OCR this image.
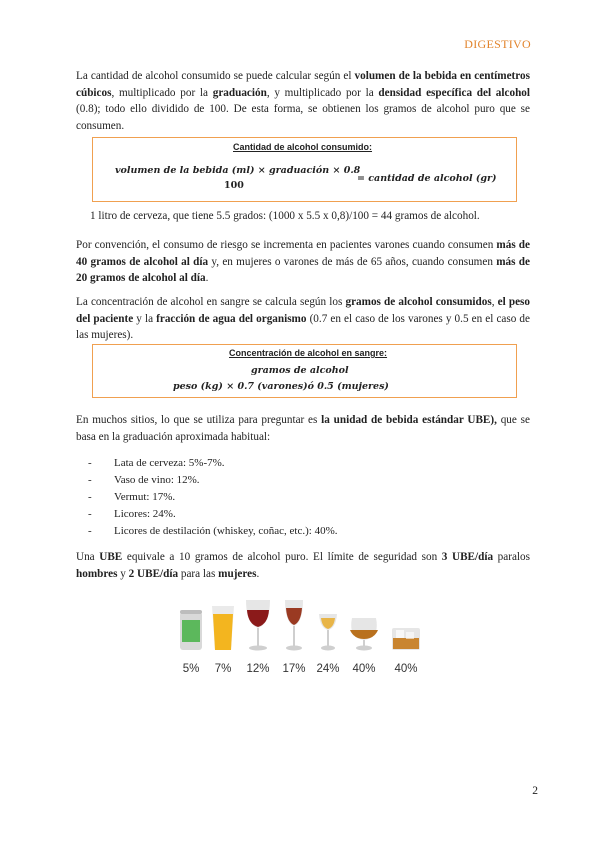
DIGESTIVO
La cantidad de alcohol consumido se puede calcular según el volumen de la bebida en centímetros cúbicos, multiplicado por la graduación, y multiplicado por la densidad específica del alcohol (0.8); todo ello dividido de 100. De esta forma, se obtienen los gramos de alcohol puro que se consumen.
Cantidad de alcohol consumido:
volumen de la bebida (ml) × graduación × 0.8
100
= cantidad de alcohol (gr)
1 litro de cerveza, que tiene 5.5 grados: (1000 x 5.5 x 0,8)/100 = 44 gramos de alcohol.
Por convención, el consumo de riesgo se incrementa en pacientes varones cuando consumen más de 40 gramos de alcohol al día y, en mujeres o varones de más de 65 años, cuando consumen más de 20 gramos de alcohol al día.
La concentración de alcohol en sangre se calcula según los gramos de alcohol consumidos, el peso del paciente y la fracción de agua del organismo (0.7 en el caso de los varones y 0.5 en el caso de las mujeres).
Concentración de alcohol en sangre:
gramos de alcohol
peso (kg) × 0.7 (varones)ó 0.5 (mujeres)
En muchos sitios, lo que se utiliza para preguntar es la unidad de bebida estándar UBE), que se basa en la graduación aproximada habitual:
- Lata de cerveza: 5%-7%.
- Vaso de vino: 12%.
- Vermut: 17%.
- Licores: 24%.
- Licores de destilación (whiskey, coñac, etc.): 40%.
Una UBE equivale a 10 gramos de alcohol puro. El límite de seguridad son 3 UBE/día paralos hombres y 2 UBE/día para las mujeres.
5% 7% 12% 17% 24% 40% 40%
2
